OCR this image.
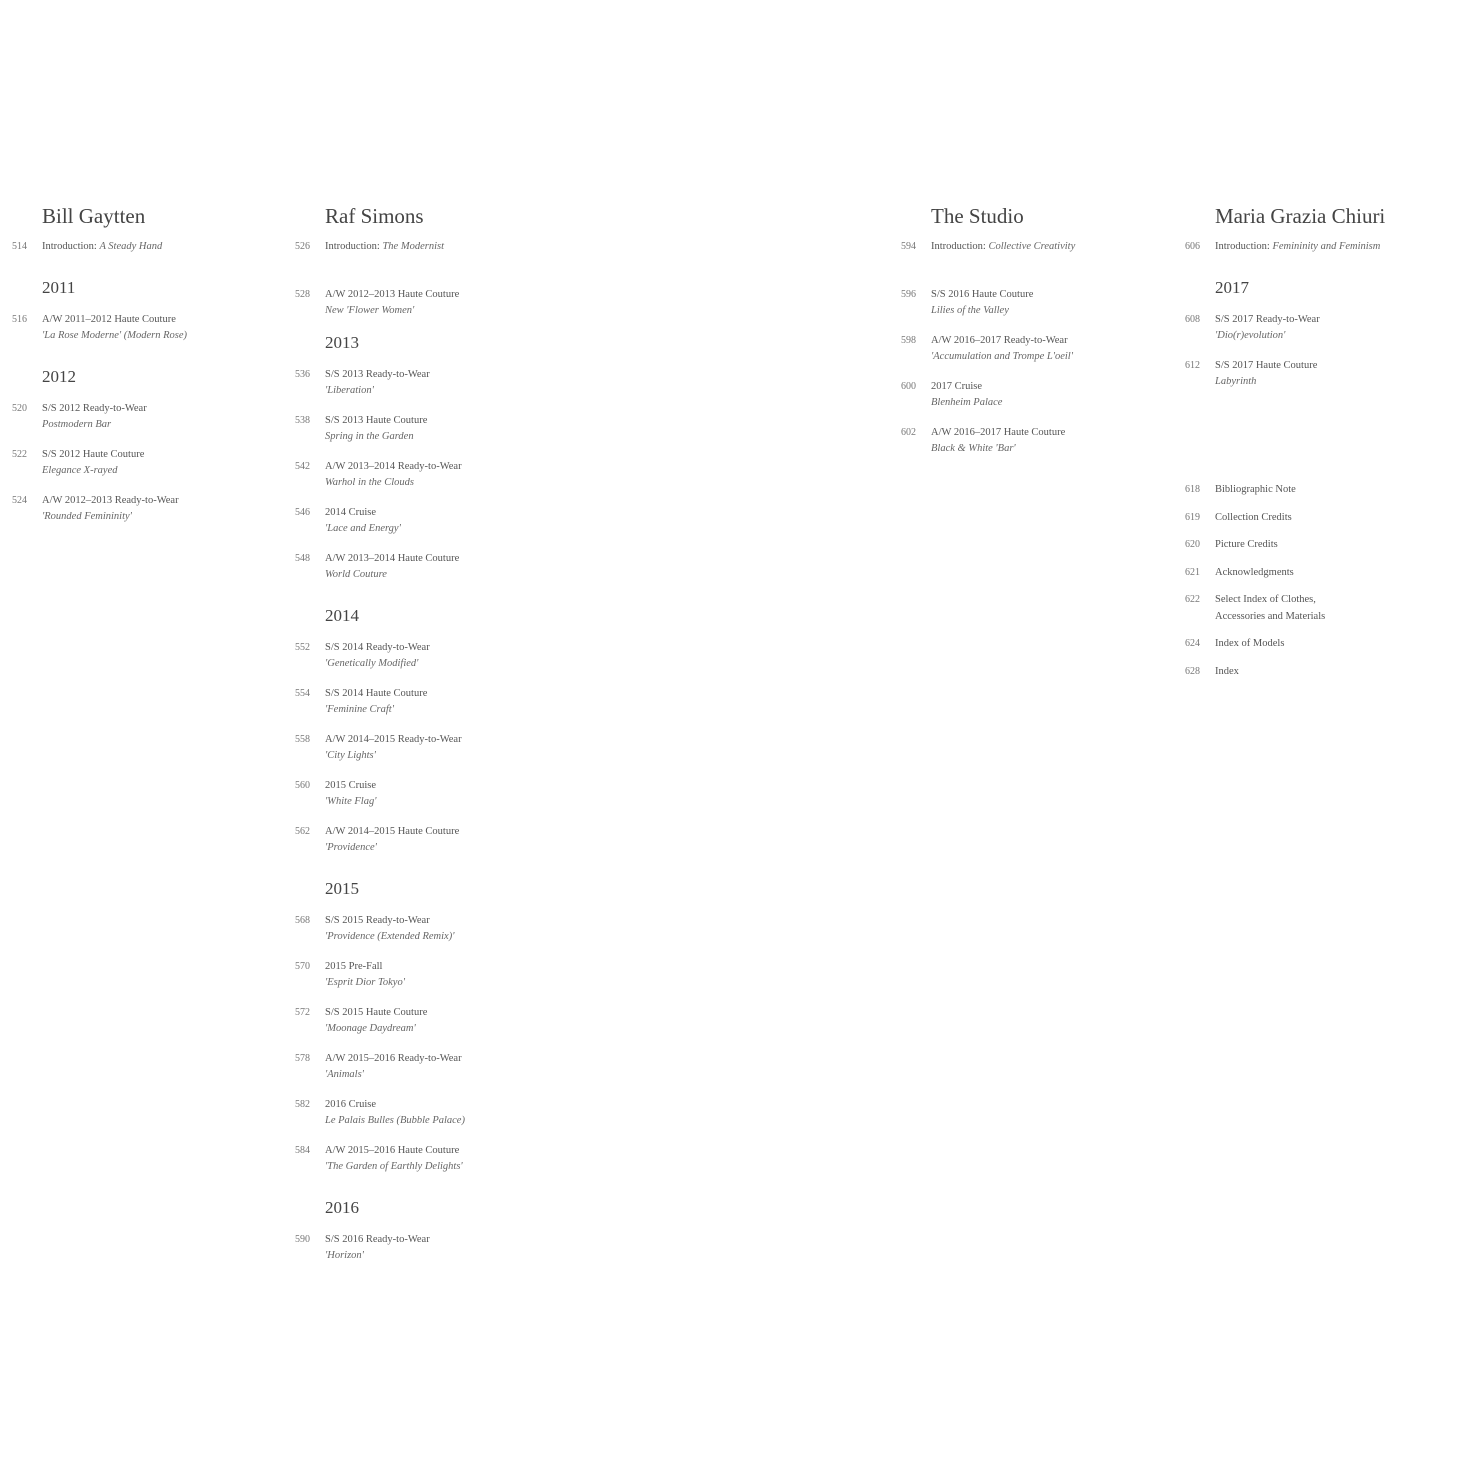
Bill Gaytten
514	Introduction: A Steady Hand
2011
516	A/W 2011–2012 Haute Couture
'La Rose Moderne' (Modern Rose)
2012
520	S/S 2012 Ready-to-Wear
Postmodern Bar
522	S/S 2012 Haute Couture
Elegance X-rayed
524	A/W 2012–2013 Ready-to-Wear
'Rounded Femininity'
Raf Simons
526	Introduction: The Modernist
528	A/W 2012–2013 Haute Couture
New 'Flower Women'
2013
536	S/S 2013 Ready-to-Wear
'Liberation'
538	S/S 2013 Haute Couture
Spring in the Garden
542	A/W 2013–2014 Ready-to-Wear
Warhol in the Clouds
546	2014 Cruise
'Lace and Energy'
548	A/W 2013–2014 Haute Couture
World Couture
2014
552	S/S 2014 Ready-to-Wear
'Genetically Modified'
554	S/S 2014 Haute Couture
'Feminine Craft'
558	A/W 2014–2015 Ready-to-Wear
'City Lights'
560	2015 Cruise
'White Flag'
562	A/W 2014–2015 Haute Couture
'Providence'
2015
568	S/S 2015 Ready-to-Wear
'Providence (Extended Remix)'
570	2015 Pre-Fall
'Esprit Dior Tokyo'
572	S/S 2015 Haute Couture
'Moonage Daydream'
578	A/W 2015–2016 Ready-to-Wear
'Animals'
582	2016 Cruise
Le Palais Bulles (Bubble Palace)
584	A/W 2015–2016 Haute Couture
'The Garden of Earthly Delights'
2016
590	S/S 2016 Ready-to-Wear
'Horizon'
The Studio
594	Introduction: Collective Creativity
596	S/S 2016 Haute Couture
Lilies of the Valley
598	A/W 2016–2017 Ready-to-Wear
'Accumulation and Trompe L'oeil'
600	2017 Cruise
Blenheim Palace
602	A/W 2016–2017 Haute Couture
Black & White 'Bar'
Maria Grazia Chiuri
606	Introduction: Femininity and Feminism
2017
608	S/S 2017 Ready-to-Wear
'Dio(r)evolution'
612	S/S 2017 Haute Couture
Labyrinth
618	Bibliographic Note
619	Collection Credits
620	Picture Credits
621	Acknowledgments
622	Select Index of Clothes, Accessories and Materials
624	Index of Models
628	Index
